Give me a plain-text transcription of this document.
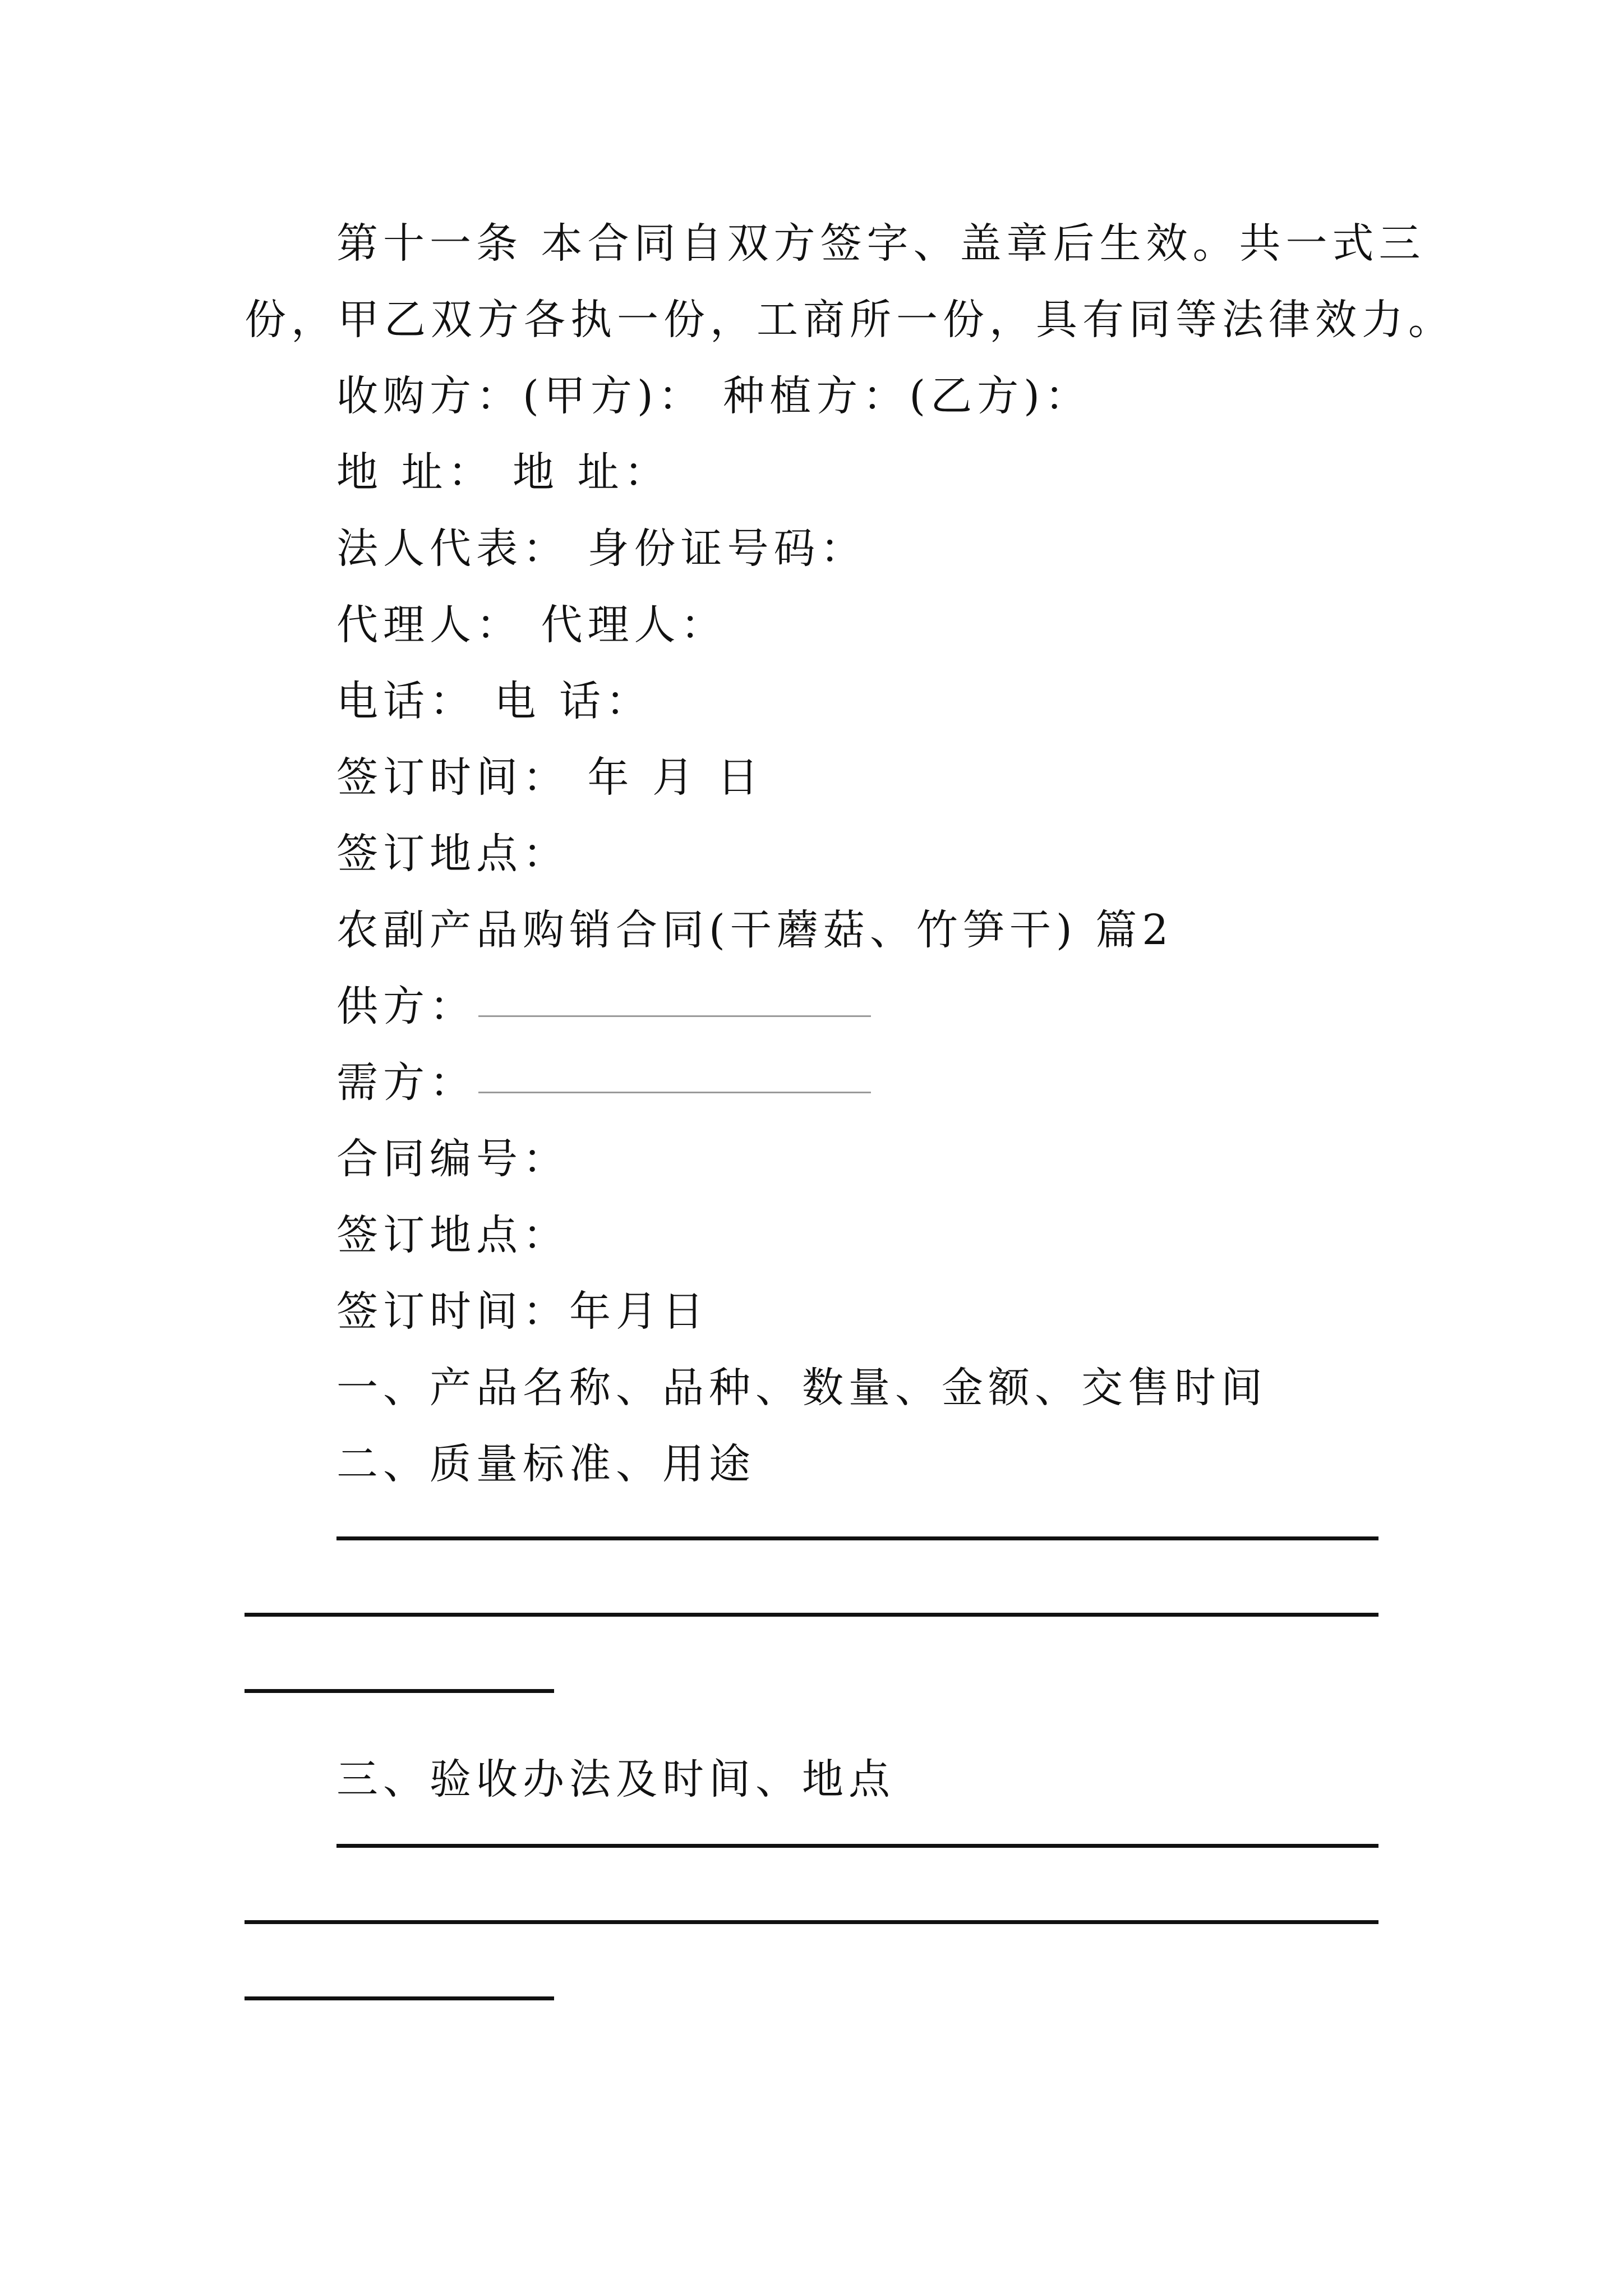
第十一条 本合同自双方签字、盖章后生效。共一式三
份，甲乙双方各执一份，工商所一份，具有同等法律效力。
收购方：(甲方)： 种植方：(乙方)：
地 址： 地 址：
法人代表： 身份证号码：
代理人： 代理人：
电话： 电 话：
签订时间： 年 月 日
签订地点：
农副产品购销合同(干蘑菇、竹笋干) 篇2
供方：
需方：
合同编号：
签订地点：
签订时间：年月日
一、产品名称、品种、数量、金额、交售时间
二、质量标准、用途
三、验收办法及时间、地点
